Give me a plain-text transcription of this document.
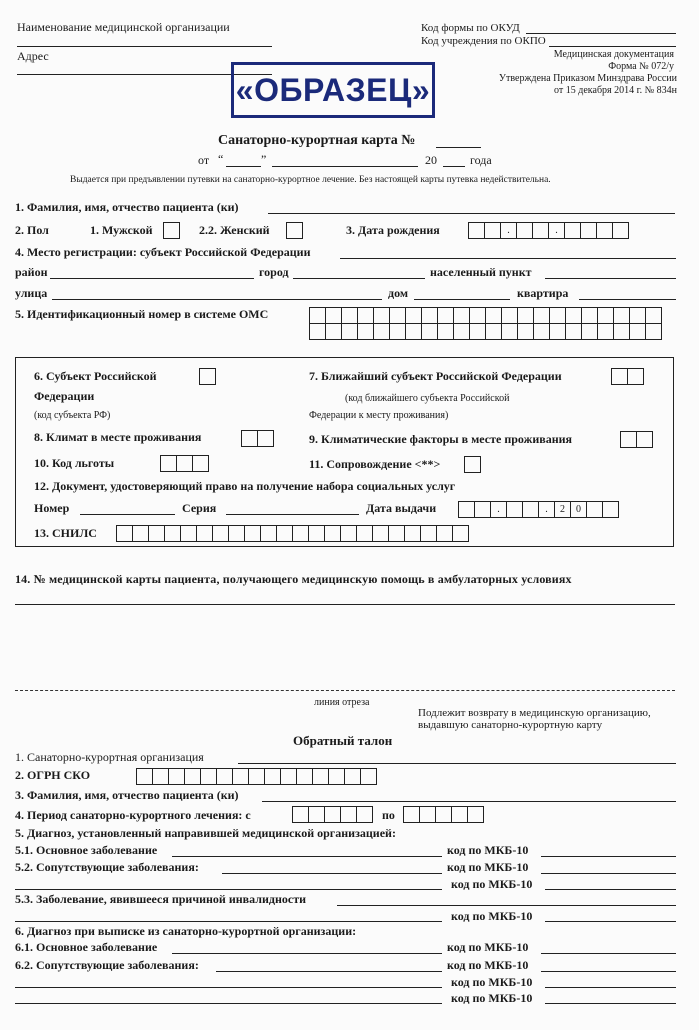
Наименование медицинской организации
Адрес
Код формы по ОКУД
Код учреждения по ОКПО
Медицинская документация
Форма № 072/у
Утверждена Приказом Минздрава России
от 15 декабря 2014 г. № 834н
«ОБРАЗЕЦ»
Санаторно-курортная карта №
от “	”	20	года
Выдается при предъявлении путевки на санаторно-курортное лечение. Без настоящей карты путевка недействительна.
1. Фамилия, имя, отчество пациента (ки)
2. Пол	1. Мужской	2.2. Женский	3. Дата рождения	.	.
4. Место регистрации: субъект Российской Федерации
район	город	населенный пункт
улица	дом	квартира
5. Идентификационный номер в системе ОМС
6. Субъект Российской
Федерации
(код субъекта РФ)
7. Ближайший субъект Российской Федерации
(код ближайшего субъекта Российской
Федерации к месту проживания)
8. Климат в месте проживания	9. Климатические факторы в месте проживания
10. Код льготы	11. Сопровождение <**>
12. Документ, удостоверяющий право на получение набора социальных услуг
Номер	Серия	Дата выдачи	.	.	2	0
13. СНИЛС
14. № медицинской карты пациента, получающего медицинскую помощь в амбулаторных условиях
линия отреза
Подлежит возврату в медицинскую организацию,
выдавшую санаторно-курортную карту
Обратный талон
1. Санаторно-курортная организация
2. ОГРН СКО
3. Фамилия, имя, отчество пациента (ки)
4. Период санаторно-курортного лечения: с	по
5. Диагноз, установленный направившей медицинской организацией:
5.1. Основное заболевание	код по МКБ-10
5.2. Сопутствующие заболевания:	код по МКБ-10
код по МКБ-10
5.3. Заболевание, явившееся причиной инвалидности
код по МКБ-10
6. Диагноз при выписке из санаторно-курортной организации:
6.1. Основное заболевание	код по МКБ-10
6.2. Сопутствующие заболевания:	код по МКБ-10
код по МКБ-10
код по МКБ-10
